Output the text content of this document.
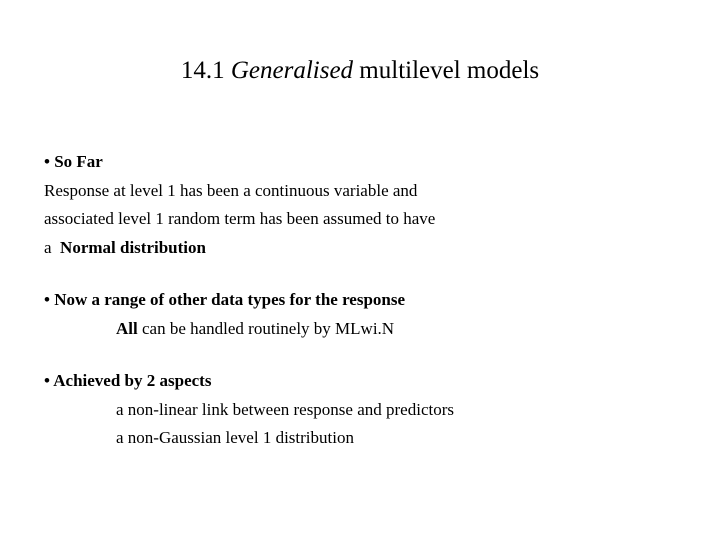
14.1 Generalised multilevel models
• So Far
Response at level 1 has been a continuous variable and
associated level 1 random term has been assumed to have
a Normal distribution
• Now a range of other data types for the response
All can be handled routinely by MLwi.N
• Achieved by 2 aspects
a non-linear link between response and predictors
a non-Gaussian level 1 distribution
